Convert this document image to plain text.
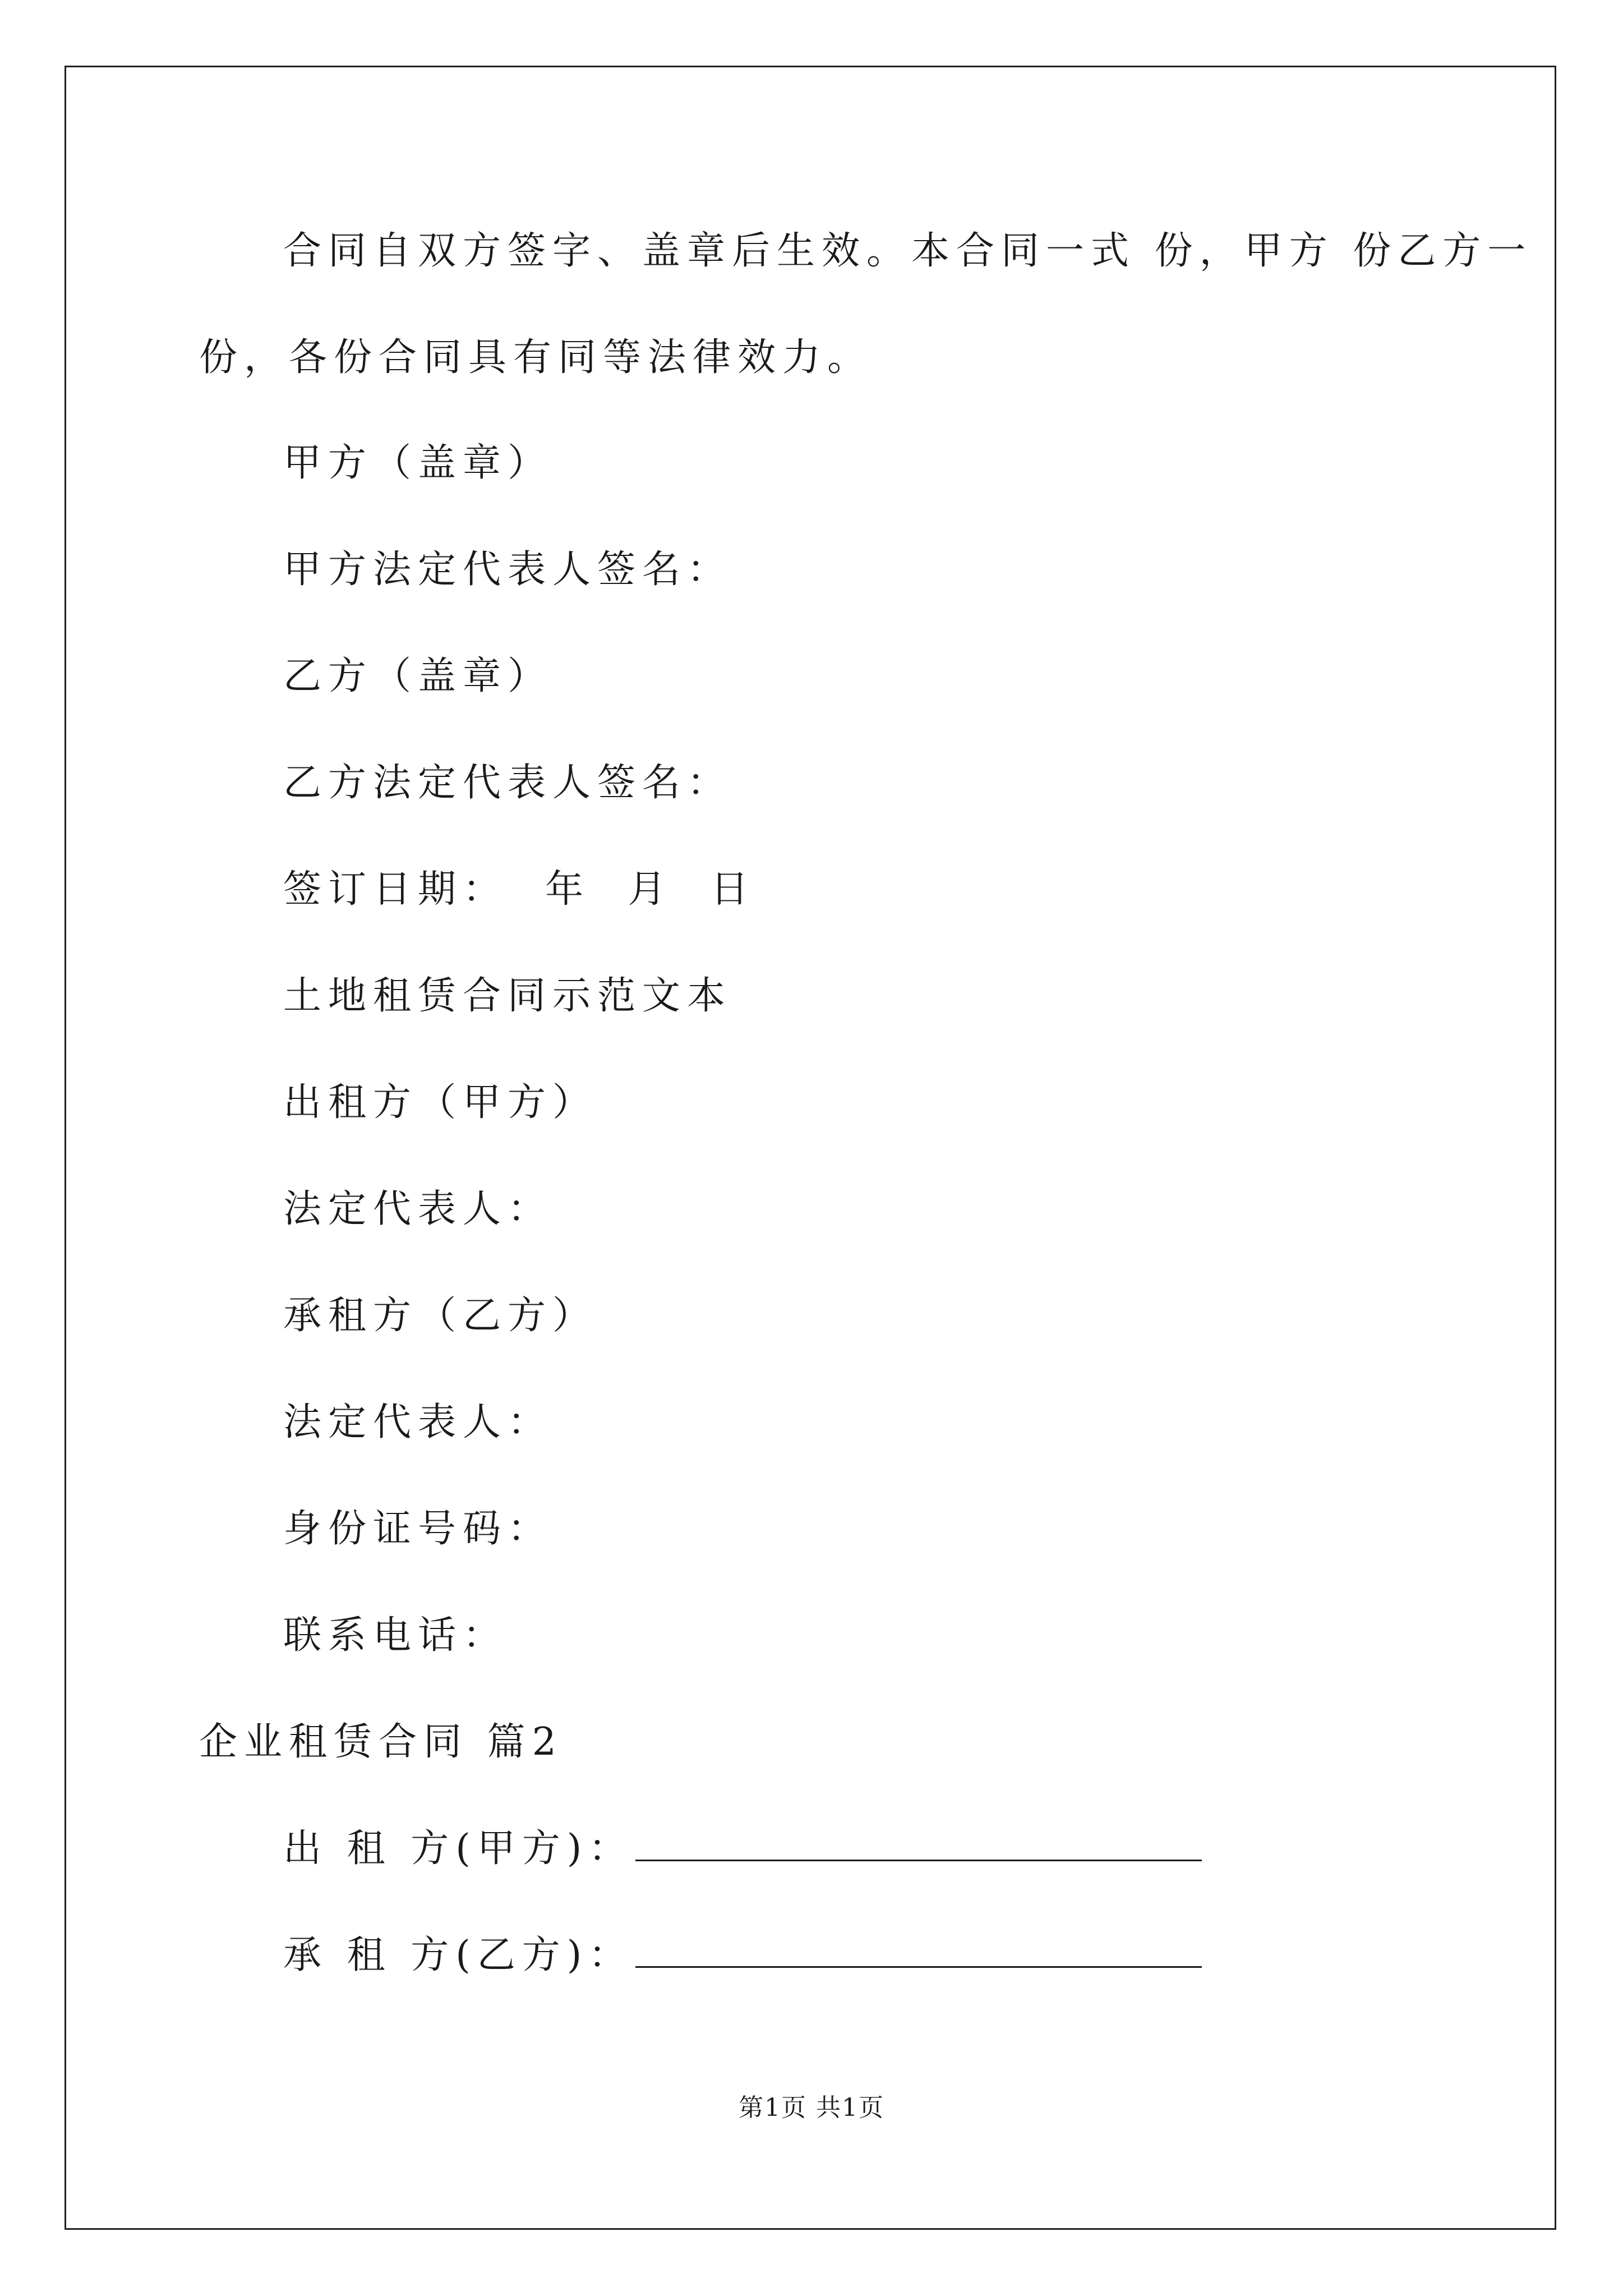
合同自双方签字、盖章后生效。本合同一式 份，甲方 份乙方一
份，各份合同具有同等法律效力。
甲方（盖章）
甲方法定代表人签名：
乙方（盖章）
乙方法定代表人签名：
签订日期：  年  月  日
土地租赁合同示范文本
出租方（甲方）
法定代表人：
承租方（乙方）
法定代表人：
身份证号码：
联系电话：
企业租赁合同 篇2
出 租 方(甲方)：
承 租 方(乙方)：
第1页 共1页
